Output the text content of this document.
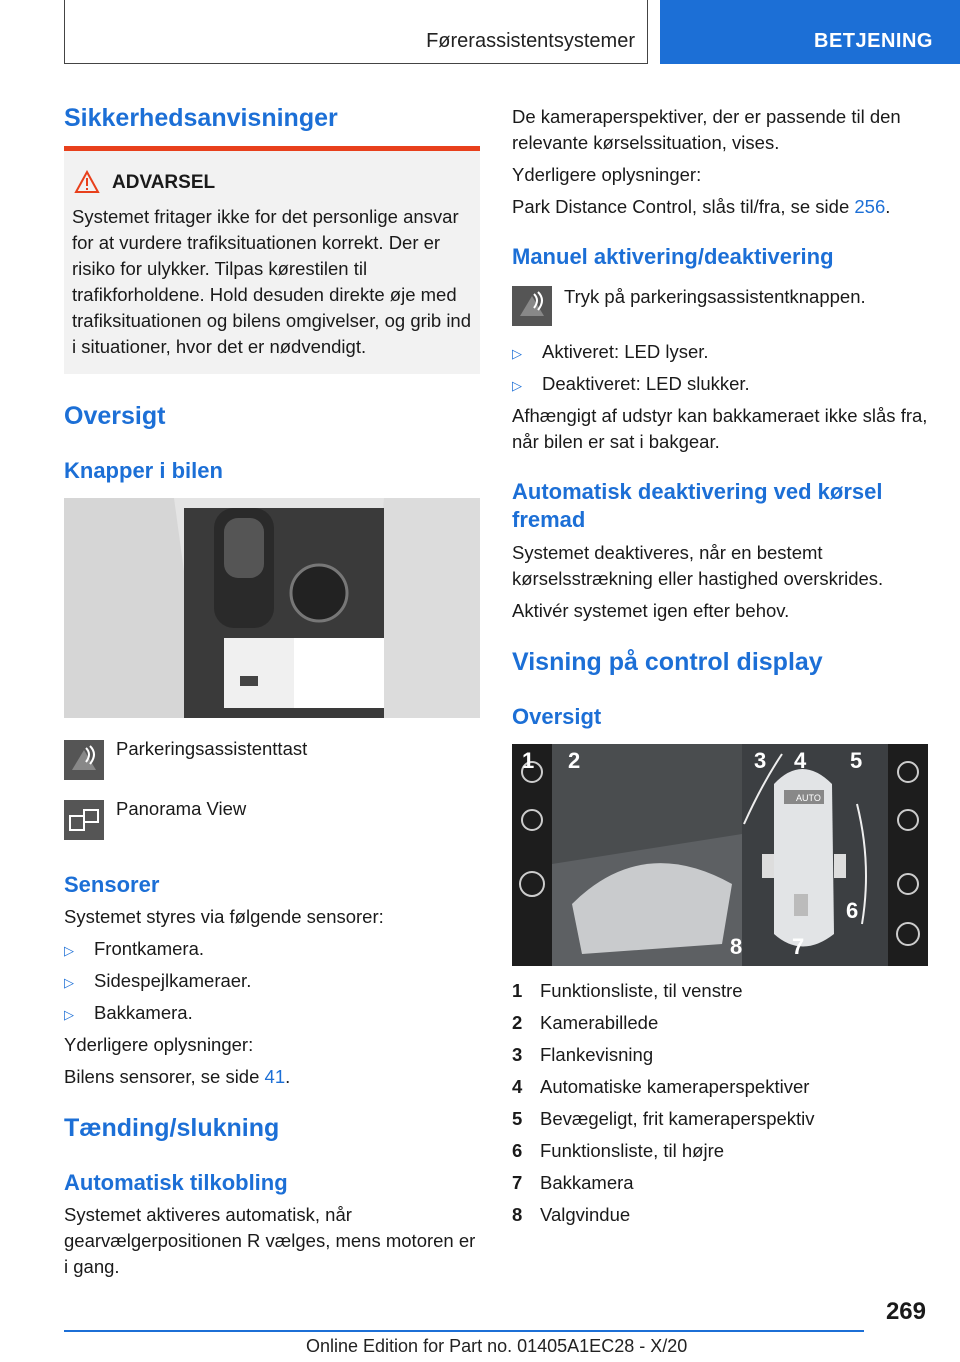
Førerassistentsystemer	BETJENING
Sikkerhedsanvisninger
ADVARSEL
Systemet fritager ikke for det personlige ansvar for at vurdere trafiksituationen korrekt. Der er risiko for ulykker. Tilpas kørestilen til trafikforholdene. Hold desuden direkte øje med trafiksituationen og bilens omgivelser, og grib ind i situationer, hvor det er nødvendigt.
Oversigt
Knapper i bilen
Parkeringsassistenttast
Panorama View
Sensorer
Systemet styres via følgende sensorer:
▷ Frontkamera.
▷ Sidespejlkameraer.
▷ Bakkamera.
Yderligere oplysninger:
Bilens sensorer, se side 41.
Tænding/slukning
Automatisk tilkobling
Systemet aktiveres automatisk, når gearvælgerpositionen R vælges, mens motoren er i gang.
De kameraperspektiver, der er passende til den relevante kørselssituation, vises.
Yderligere oplysninger:
Park Distance Control, slås til/fra, se side 256.
Manuel aktivering/deaktivering
Tryk på parkeringsassistentknappen.
▷ Aktiveret: LED lyser.
▷ Deaktiveret: LED slukker.
Afhængigt af udstyr kan bakkameraet ikke slås fra, når bilen er sat i bakgear.
Automatisk deaktivering ved kørsel fremad
Systemet deaktiveres, når en bestemt kørselsstrækning eller hastighed overskrides.
Aktivér systemet igen efter behov.
Visning på control display
Oversigt
AUTO
1 2	3 4 5
6
7
8
1 Funktionsliste, til venstre
2 Kamerabillede
3 Flankevisning
4 Automatiske kameraperspektiver
5 Bevægeligt, frit kameraperspektiv
6 Funktionsliste, til højre
7 Bakkamera
8 Valgvindue
269
Online Edition for Part no. 01405A1EC28 - X/20
